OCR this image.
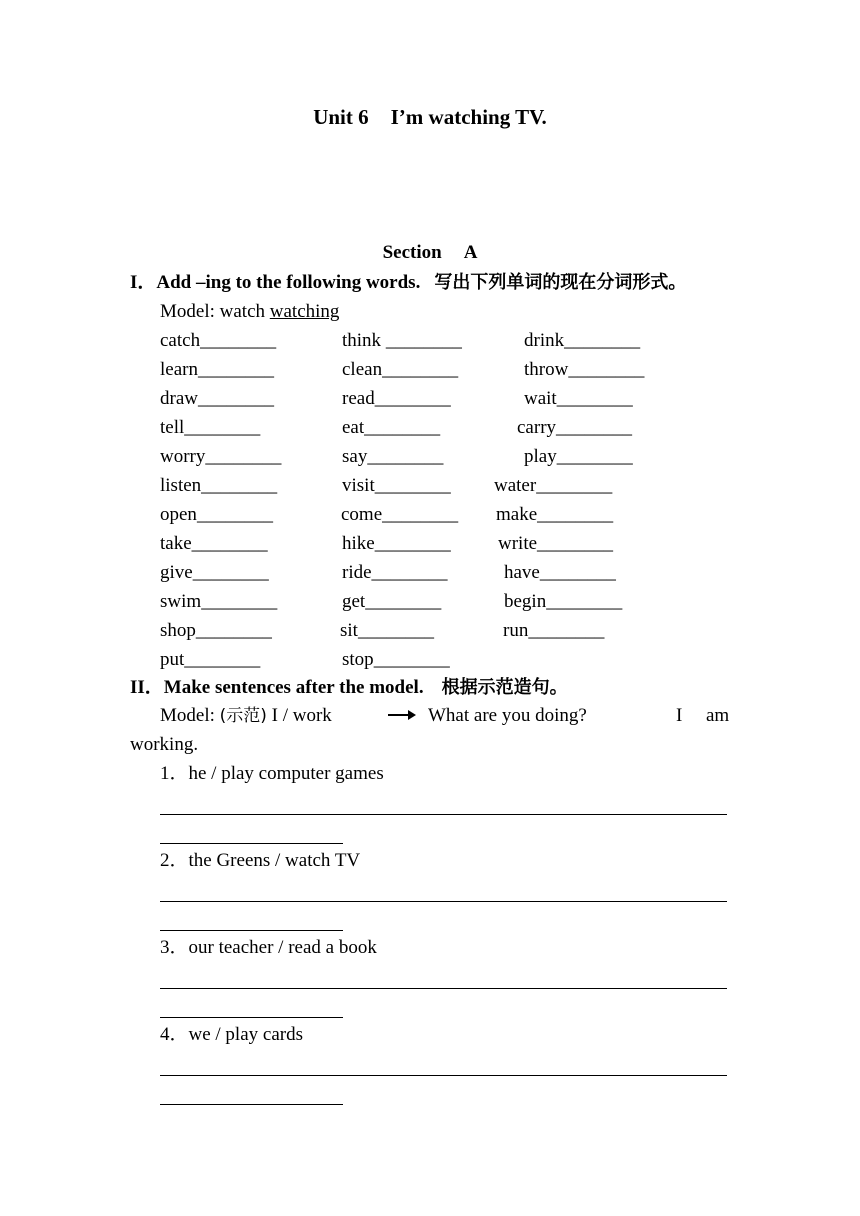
Unit 6 I’m watching TV.
Section A
I．Add –ing to the following words. 写出下列单词的现在分词形式。
Model: watch watching
catch________	think ________	drink________
learn________	clean________	throw________
draw________	read________	wait________
tell________	eat________	carry________
worry________	say________	play________
listen________	visit________ water________
open________	come________ make________
take________	hike________ write________
give________	ride________	have________
swim________	get________	begin________
shop________	sit________	run________
put________	stop________
II．Make sentences after the model. 根据示范造句。
Model: (示范) I / work	What are you doing?	I am
working.
1．he / play computer games
2．the Greens / watch TV
3．our teacher / read a book
4．we / play cards
